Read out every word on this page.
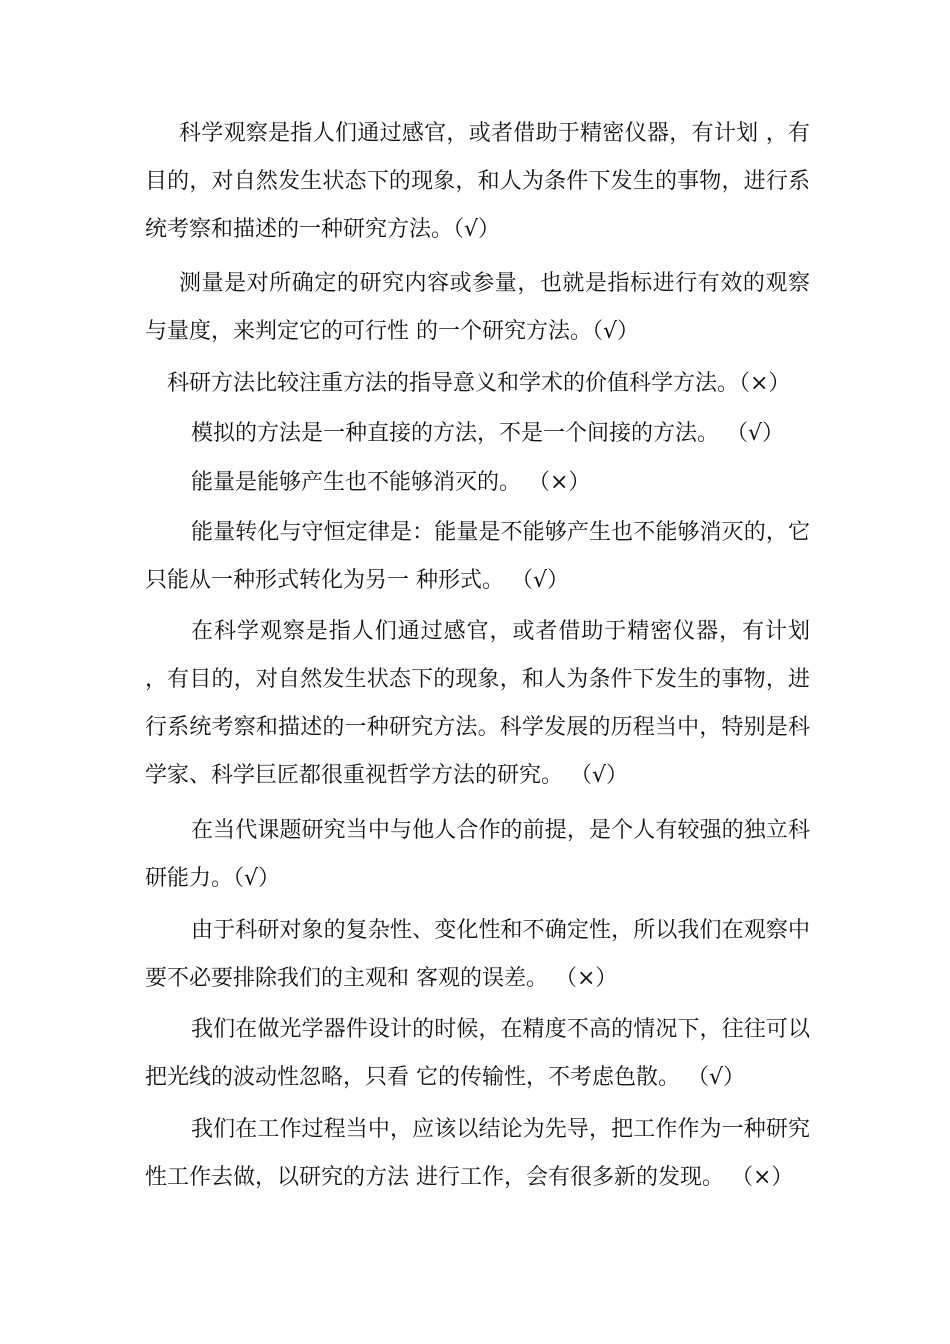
科学观察是指人们通过感官，或者借助于精密仪器，有计划 ，有目的，对自然发生状态下的现象，和人为条件下发生的事物，进行系统考察和描述的一种研究方法。（√）

测量是对所确定的研究内容或参量，也就是指标进行有效的观察与量度，来判定它的可行性 的一个研究方法。（√）

科研方法比较注重方法的指导意义和学术的价值科学方法。（×）

模拟的方法是一种直接的方法，不是一个间接的方法。 （√）

能量是能够产生也不能够消灭的。 （×）

能量转化与守恒定律是：能量是不能够产生也不能够消灭的，它只能从一种形式转化为另一 种形式。 （√）

在科学观察是指人们通过感官，或者借助于精密仪器，有计划 ，有目的，对自然发生状态下的现象，和人为条件下发生的事物，进行系统考察和描述的一种研究方法。科学发展的历程当中，特别是科学家、科学巨匠都很重视哲学方法的研究。 （√）

在当代课题研究当中与他人合作的前提，是个人有较强的独立科研能力。（√）

由于科研对象的复杂性、变化性和不确定性，所以我们在观察中要不必要排除我们的主观和 客观的误差。 （×）

我们在做光学器件设计的时候，在精度不高的情况下，往往可以把光线的波动性忽略，只看 它的传输性，不考虑色散。 （√）

我们在工作过程当中，应该以结论为先导，把工作作为一种研究性工作去做，以研究的方法 进行工作，会有很多新的发现。 （×）
